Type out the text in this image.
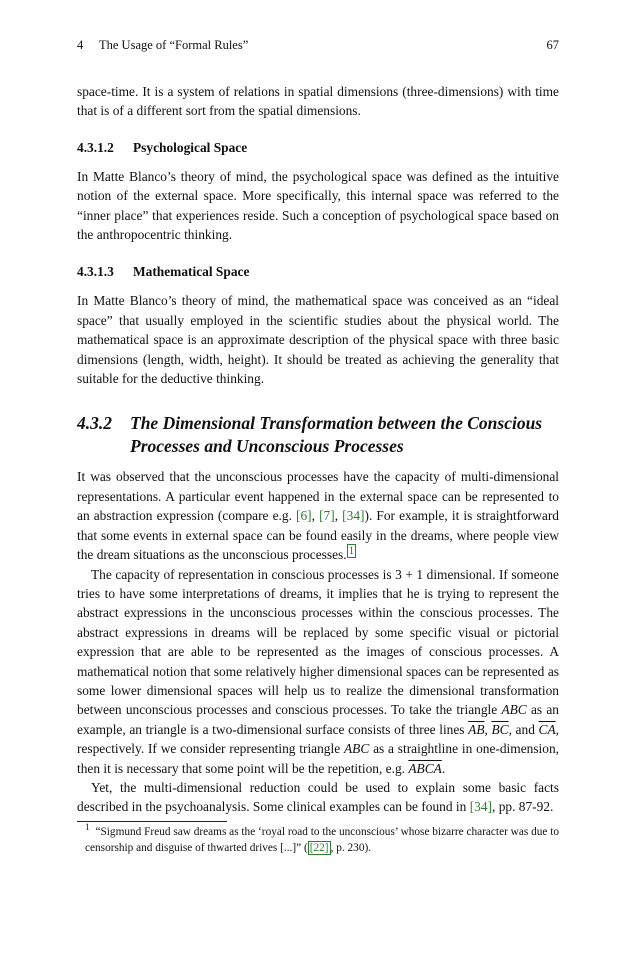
4 The Usage of “Formal Rules”	67

space-time. It is a system of relations in spatial dimensions (three-dimensions) with time that is of a different sort from the spatial dimensions.

4.3.1.2 Psychological Space

In Matte Blanco’s theory of mind, the psychological space was defined as the intuitive notion of the external space. More specifically, this internal space was referred to the “inner place” that experiences reside. Such a conception of psychological space based on the anthropocentric thinking.

4.3.1.3 Mathematical Space

In Matte Blanco’s theory of mind, the mathematical space was conceived as an “ideal space” that usually employed in the scientific studies about the physical world. The mathematical space is an approximate description of the physical space with three basic dimensions (length, width, height). It should be treated as achieving the generality that suitable for the deductive thinking.

4.3.2	The Dimensional Transformation between the Conscious Processes and Unconscious Processes

It was observed that the unconscious processes have the capacity of multi-dimensional representations. A particular event happened in the external space can be represented to an abstraction expression (compare e.g. [6], [7], [34]). For example, it is straightforward that some events in external space can be found easily in the dreams, where people view the dream situations as the unconscious processes. $^1$

The capacity of representation in conscious processes is 3 + 1 dimensional. If someone tries to have some interpretations of dreams, it implies that he is trying to represent the abstract expressions in the unconscious processes within the conscious processes. The abstract expressions in dreams will be replaced by some specific visual or pictorial expression that are able to be represented as the images of conscious processes. A mathematical notion that some relatively higher dimensional spaces can be represented as some lower dimensional spaces will help us to realize the dimensional transformation between unconscious processes and conscious processes. To take the triangle ABC as an example, an triangle is a two-dimensional surface consists of three lines $\overline{AB}$, $\overline{BC}$, and $\overline{CA}$, respectively. If we consider representing triangle ABC as a straightline in one-dimension, then it is necessary that some point will be the repetition, e.g. ABCA.

Yet, the multi-dimensional reduction could be used to explain some basic facts described in the psychoanalysis. Some clinical examples can be found in [34], pp. 87-92.

$^1$ “Sigmund Freud saw dreams as the ‘royal road to the unconscious’ whose bizarre character was due to censorship and disguise of thwarted drives [...]” ( [22] , p. 230).
